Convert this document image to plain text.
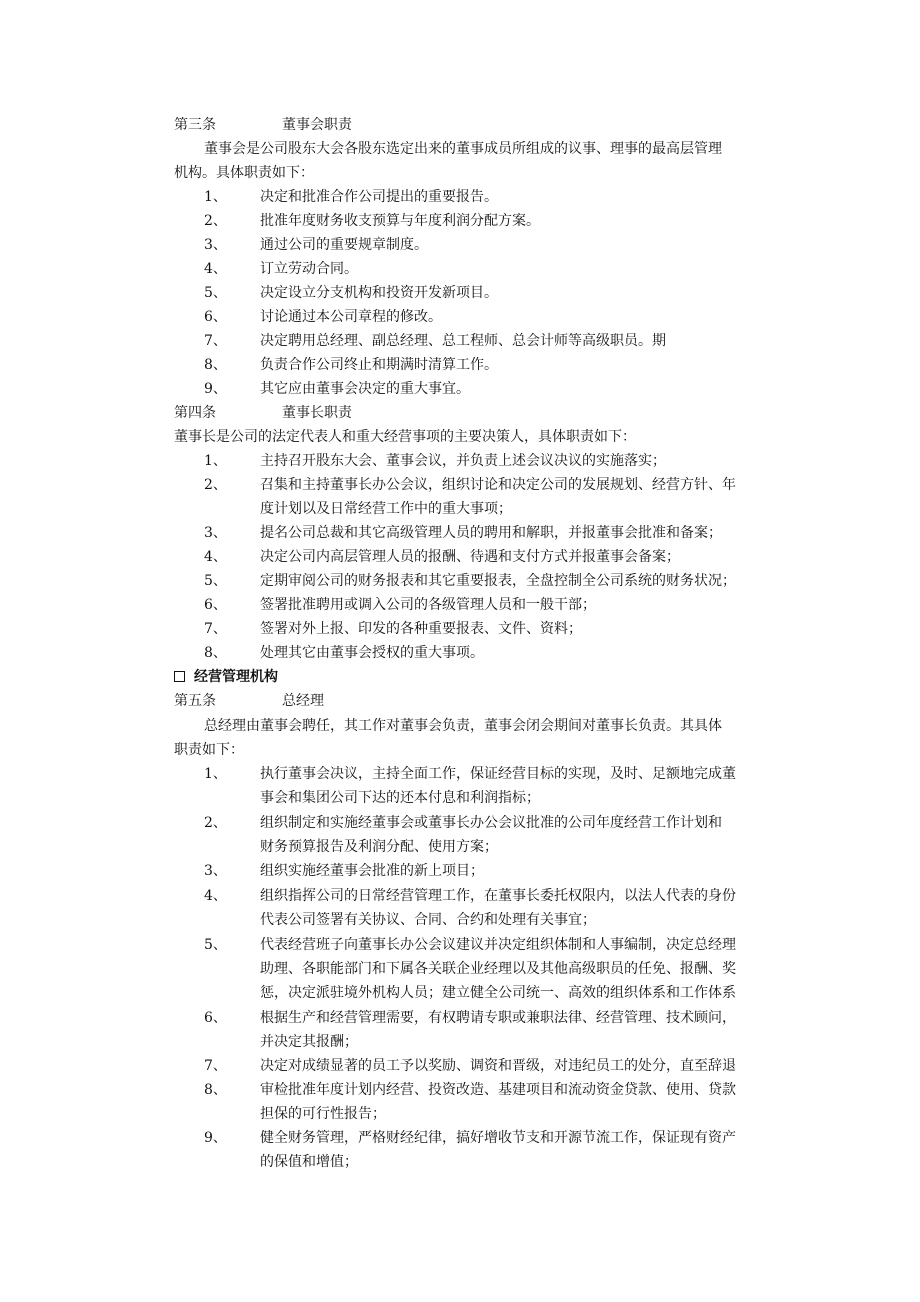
第三条	董事会职责
董事会是公司股东大会各股东选定出来的董事成员所组成的议事、理事的最高层管理
机构。具体职责如下：
1、 决定和批准合作公司提出的重要报告。
2、 批准年度财务收支预算与年度利润分配方案。
3、 通过公司的重要规章制度。
4、 订立劳动合同。
5、 决定设立分支机构和投资开发新项目。
6、 讨论通过本公司章程的修改。
7、 决定聘用总经理、副总经理、总工程师、总会计师等高级职员。期
8、 负责合作公司终止和期满时清算工作。
9、 其它应由董事会决定的重大事宜。
第四条	董事长职责
董事长是公司的法定代表人和重大经营事项的主要决策人，具体职责如下：
1、 主持召开股东大会、董事会议，并负责上述会议决议的实施落实；
2、 召集和主持董事长办公会议，组织讨论和决定公司的发展规划、经营方针、年
度计划以及日常经营工作中的重大事项；
3、 提名公司总裁和其它高级管理人员的聘用和解职，并报董事会批准和备案；
4、 决定公司内高层管理人员的报酬、待遇和支付方式并报董事会备案；
5、 定期审阅公司的财务报表和其它重要报表，全盘控制全公司系统的财务状况；
6、 签署批准聘用或调入公司的各级管理人员和一般干部；
7、 签署对外上报、印发的各种重要报表、文件、资料；
8、 处理其它由董事会授权的重大事项。
经营管理机构
第五条	总经理
总经理由董事会聘任，其工作对董事会负责，董事会闭会期间对董事长负责。其具体
职责如下：
1、 执行董事会决议，主持全面工作，保证经营目标的实现，及时、足额地完成董
事会和集团公司下达的还本付息和利润指标；
2、 组织制定和实施经董事会或董事长办公会议批准的公司年度经营工作计划和
财务预算报告及利润分配、使用方案；
3、 组织实施经董事会批准的新上项目；
4、 组织指挥公司的日常经营管理工作，在董事长委托权限内，以法人代表的身份
代表公司签署有关协议、合同、合约和处理有关事宜；
5、 代表经营班子向董事长办公会议建议并决定组织体制和人事编制，决定总经理
助理、各职能部门和下属各关联企业经理以及其他高级职员的任免、报酬、奖
惩，决定派驻境外机构人员；建立健全公司统一、高效的组织体系和工作体系
6、 根据生产和经营管理需要，有权聘请专职或兼职法律、经营管理、技术顾问，
并决定其报酬；
7、 决定对成绩显著的员工予以奖励、调资和晋级，对违纪员工的处分，直至辞退
8、 审检批准年度计划内经营、投资改造、基建项目和流动资金贷款、使用、贷款
担保的可行性报告；
9、 健全财务管理，严格财经纪律，搞好增收节支和开源节流工作，保证现有资产
的保值和增值；
